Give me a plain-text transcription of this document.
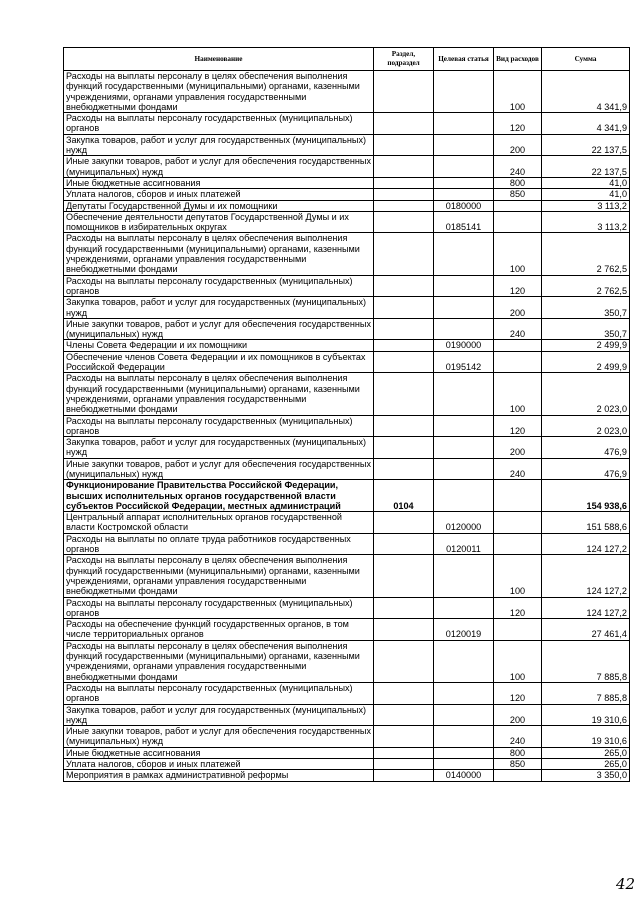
Наименование	Раздел, подраздел	Целевая статья	Вид расходов	Сумма
Расходы на выплаты персоналу в целях обеспечения выполнения функций государственными (муниципальными) органами, казенными учреждениями, органами управления государственными внебюджетными фондами			100	4 341,9
Расходы на выплаты персоналу государственных (муниципальных) органов			120	4 341,9
Закупка товаров, работ и услуг для государственных (муниципальных) нужд			200	22 137,5
Иные закупки товаров, работ и услуг для обеспечения государственных (муниципальных) нужд			240	22 137,5
Иные бюджетные ассигнования			800	41,0
Уплата налогов, сборов и иных платежей			850	41,0
Депутаты Государственной Думы и их помощники		0180000		3 113,2
Обеспечение деятельности депутатов Государственной Думы и их помощников в избирательных округах		0185141		3 113,2
Расходы на выплаты персоналу в целях обеспечения выполнения функций государственными (муниципальными) органами, казенными учреждениями, органами управления государственными внебюджетными фондами			100	2 762,5
Расходы на выплаты персоналу государственных (муниципальных) органов			120	2 762,5
Закупка товаров, работ и услуг для государственных (муниципальных) нужд			200	350,7
Иные закупки товаров, работ и услуг для обеспечения государственных (муниципальных) нужд			240	350,7
Члены Совета Федерации и их помощники		0190000		2 499,9
Обеспечение членов Совета Федерации и их помощников в субъектах Российской Федерации		0195142		2 499,9
Расходы на выплаты персоналу в целях обеспечения выполнения функций государственными (муниципальными) органами, казенными учреждениями, органами управления государственными внебюджетными фондами			100	2 023,0
Расходы на выплаты персоналу государственных (муниципальных) органов			120	2 023,0
Закупка товаров, работ и услуг для государственных (муниципальных) нужд			200	476,9
Иные закупки товаров, работ и услуг для обеспечения государственных (муниципальных) нужд			240	476,9
Функционирование Правительства Российской Федерации, высших исполнительных органов государственной власти субъектов Российской Федерации, местных администраций	0104			154 938,6
Центральный аппарат исполнительных органов государственной власти Костромской области		0120000		151 588,6
Расходы на выплаты по оплате труда работников государственных органов		0120011		124 127,2
Расходы на выплаты персоналу в целях обеспечения выполнения функций государственными (муниципальными) органами, казенными учреждениями, органами управления государственными внебюджетными фондами			100	124 127,2
Расходы на выплаты персоналу государственных (муниципальных) органов			120	124 127,2
Расходы на обеспечение функций государственных органов, в том числе территориальных органов		0120019		27 461,4
Расходы на выплаты персоналу в целях обеспечения выполнения функций государственными (муниципальными) органами, казенными учреждениями, органами управления государственными внебюджетными фондами			100	7 885,8
Расходы на выплаты персоналу государственных (муниципальных) органов			120	7 885,8
Закупка товаров, работ и услуг для государственных (муниципальных) нужд			200	19 310,6
Иные закупки товаров, работ и услуг для обеспечения государственных (муниципальных) нужд			240	19 310,6
Иные бюджетные ассигнования			800	265,0
Уплата налогов, сборов и иных платежей			850	265,0
Мероприятия в рамках административной реформы		0140000		3 350,0
42
